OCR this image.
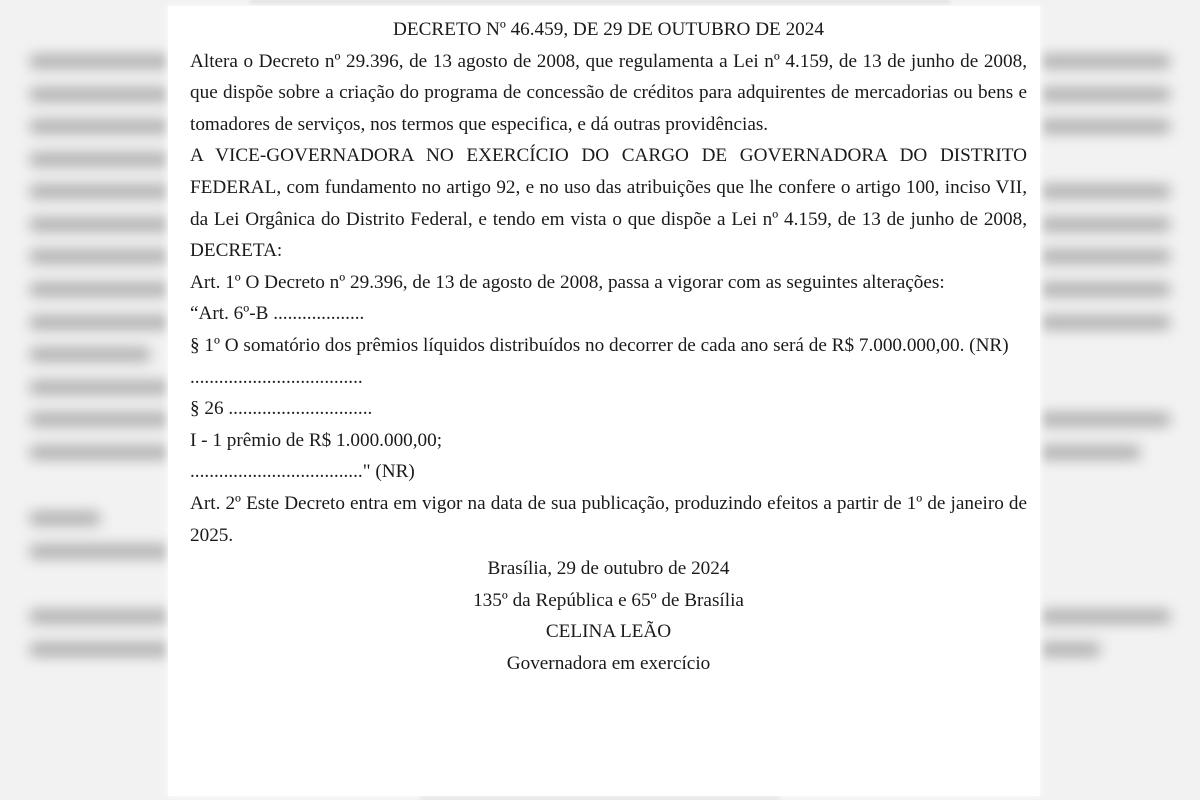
DECRETO Nº 46.459, DE 29 DE OUTUBRO DE 2024

Altera o Decreto nº 29.396, de 13 agosto de 2008, que regulamenta a Lei nº 4.159, de 13 de junho de 2008, que dispõe sobre a criação do programa de concessão de créditos para adquirentes de mercadorias ou bens e tomadores de serviços, nos termos que especifica, e dá outras providências.

A VICE-GOVERNADORA NO EXERCÍCIO DO CARGO DE GOVERNADORA DO DISTRITO FEDERAL, com fundamento no artigo 92, e no uso das atribuições que lhe confere o artigo 100, inciso VII, da Lei Orgânica do Distrito Federal, e tendo em vista o que dispõe a Lei nº 4.159, de 13 de junho de 2008, DECRETA:

Art. 1º O Decreto nº 29.396, de 13 de agosto de 2008, passa a vigorar com as seguintes alterações:

“Art. 6º-B ...................

§ 1º O somatório dos prêmios líquidos distribuídos no decorrer de cada ano será de R$ 7.000.000,00. (NR)

....................................

§ 26 ..............................

I - 1 prêmio de R$ 1.000.000,00;

...................................." (NR)

Art. 2º Este Decreto entra em vigor na data de sua publicação, produzindo efeitos a partir de 1º de janeiro de 2025.

Brasília, 29 de outubro de 2024

135º da República e 65º de Brasília

CELINA LEÃO

Governadora em exercício
